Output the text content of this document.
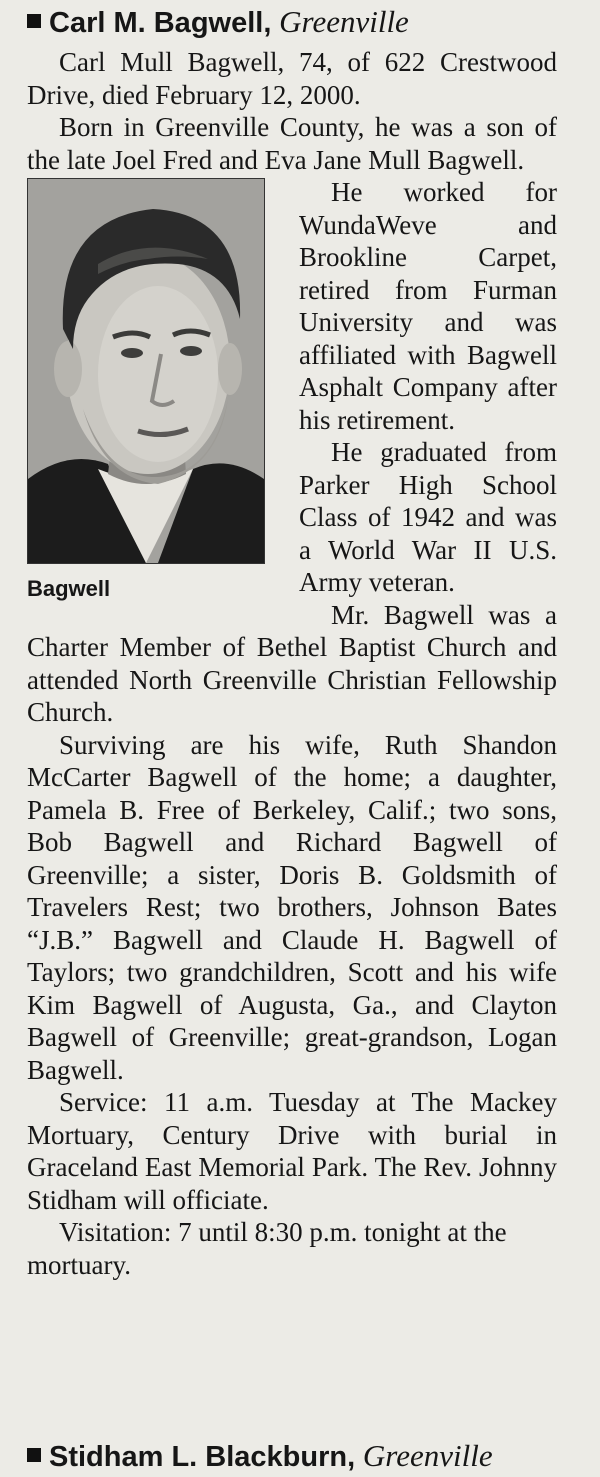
Carl M. Bagwell, Greenville

Carl Mull Bagwell, 74, of 622 Crestwood Drive, died February 12, 2000.

Born in Greenville County, he was a son of the late Joel Fred and Eva Jane Mull Bagwell.

Bagwell

He worked for WundaWeve and Brookline Carpet, retired from Furman University and was affiliated with Bagwell Asphalt Company after his retirement.

He graduated from Parker High School Class of 1942 and was a World War II U.S. Army veteran.

Mr. Bagwell was a Charter Member of Bethel Baptist Church and attended North Greenville Christian Fellowship Church.

Surviving are his wife, Ruth Shandon McCarter Bagwell of the home; a daughter, Pamela B. Free of Berkeley, Calif.; two sons, Bob Bagwell and Richard Bagwell of Greenville; a sister, Doris B. Goldsmith of Travelers Rest; two brothers, Johnson Bates “J.B.” Bagwell and Claude H. Bagwell of Taylors; two grandchildren, Scott and his wife Kim Bagwell of Augusta, Ga., and Clayton Bagwell of Greenville; great-grandson, Logan Bagwell.

Service: 11 a.m. Tuesday at The Mackey Mortuary, Century Drive with burial in Graceland East Memorial Park. The Rev. Johnny Stidham will officiate.

Visitation: 7 until 8:30 p.m. tonight at the mortuary.

Stidham L. Blackburn, Greenville
